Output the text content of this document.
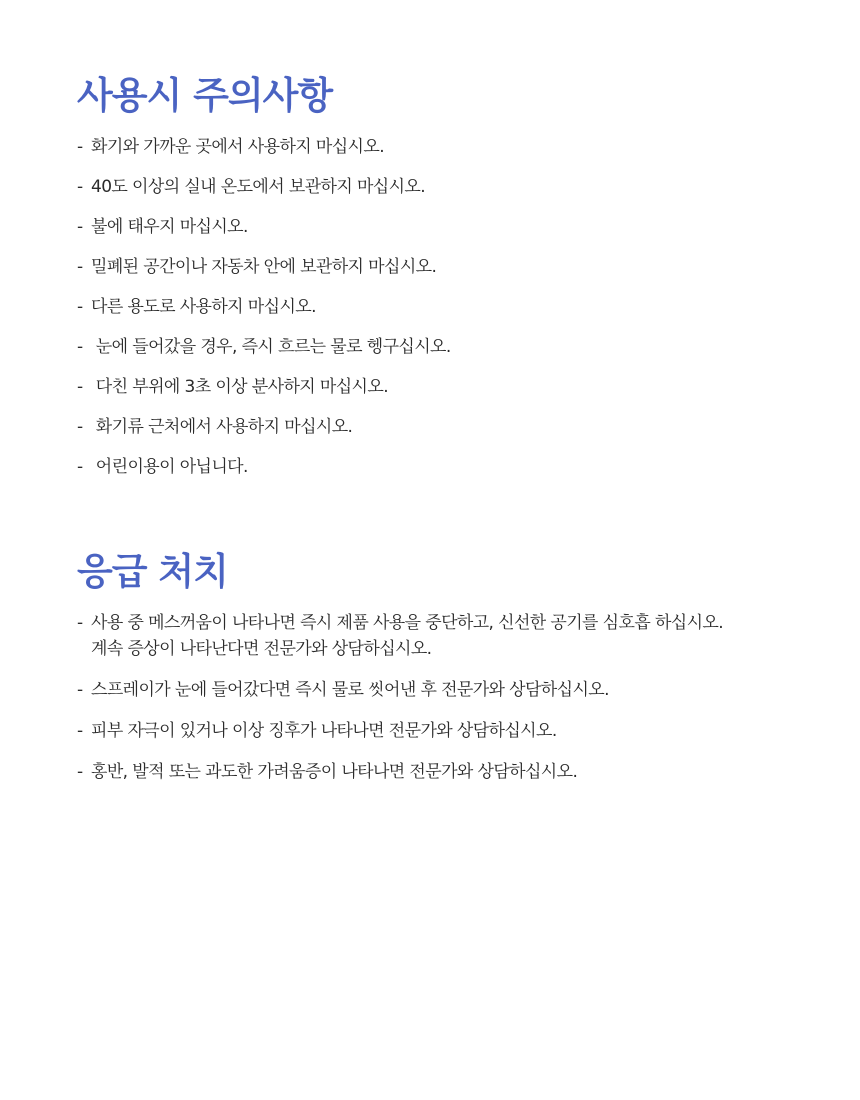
사용시 주의사항
- 화기와 가까운 곳에서 사용하지 마십시오.
- 40도 이상의 실내 온도에서 보관하지 마십시오.
- 불에 태우지 마십시오.
- 밀폐된 공간이나 자동차 안에 보관하지 마십시오.
- 다른 용도로 사용하지 마십시오.
- 눈에 들어갔을 경우, 즉시 흐르는 물로 헹구십시오.
- 다친 부위에 3초 이상 분사하지 마십시오.
- 화기류 근처에서 사용하지 마십시오.
- 어린이용이 아닙니다.
응급 처치
- 사용 중 메스꺼움이 나타나면 즉시 제품 사용을 중단하고, 신선한 공기를 심호흡 하십시오.
계속 증상이 나타난다면 전문가와 상담하십시오.
- 스프레이가 눈에 들어갔다면 즉시 물로 씻어낸 후 전문가와 상담하십시오.
- 피부 자극이 있거나 이상 징후가 나타나면 전문가와 상담하십시오.
- 홍반, 발적 또는 과도한 가려움증이 나타나면 전문가와 상담하십시오.
